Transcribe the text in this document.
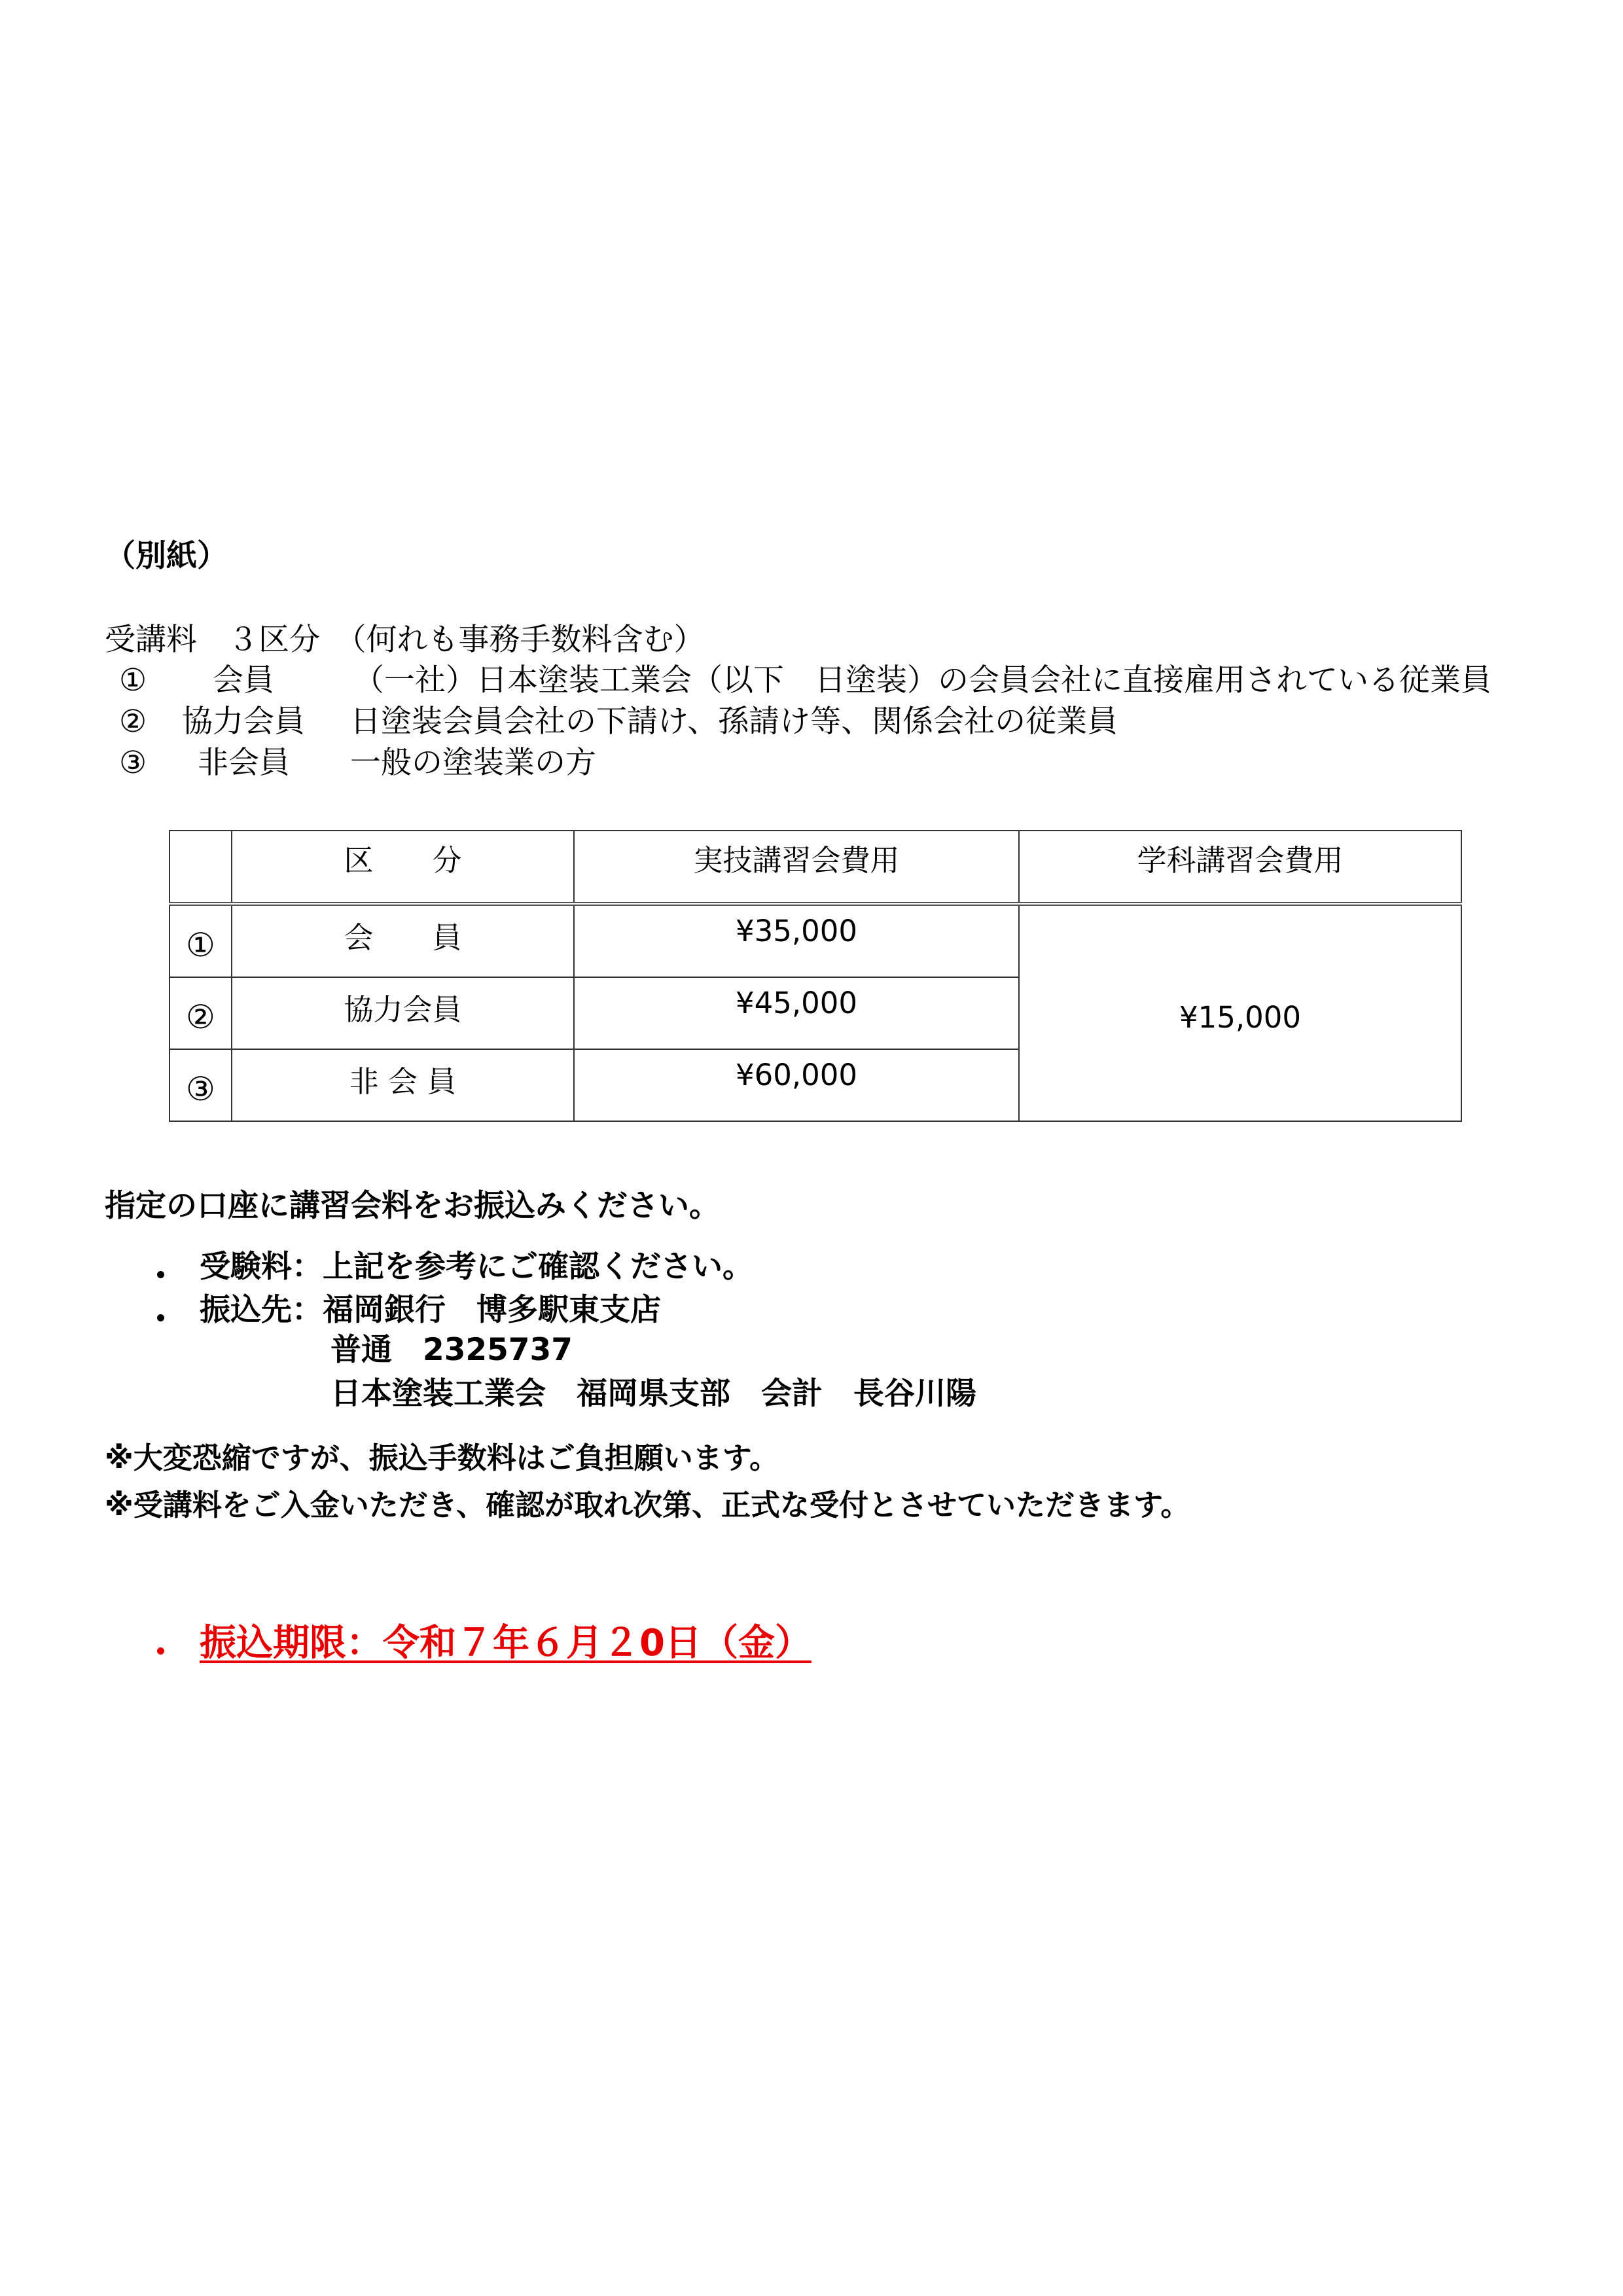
（別紙）
受講料　３区分　（何れも事務手数料含む）
① 会員	（一社）日本塗装工業会（以下　日塗装）の会員会社に直接雇用されている従業員
② 協力会員 日塗装会員会社の下請け、孫請け等、関係会社の従業員
③ 非会員 一般の塗装業の方
	区　　分	実技講習会費用	学科講習会費用
①	会　　員	¥35,000	¥15,000
②	協力会員	¥45,000	
③	非 会 員	¥60,000	
指定の口座に講習会料をお振込みください。
受験料：上記を参考にご確認ください。
振込先：福岡銀行　博多駅東支店
普通　2325737
日本塗装工業会　福岡県支部　会計　長谷川陽
※大変恐縮ですが、振込手数料はご負担願います。
※受講料をご入金いただき、確認が取れ次第、正式な受付とさせていただきます。
振込期限：令和７年６月２0日（金）
